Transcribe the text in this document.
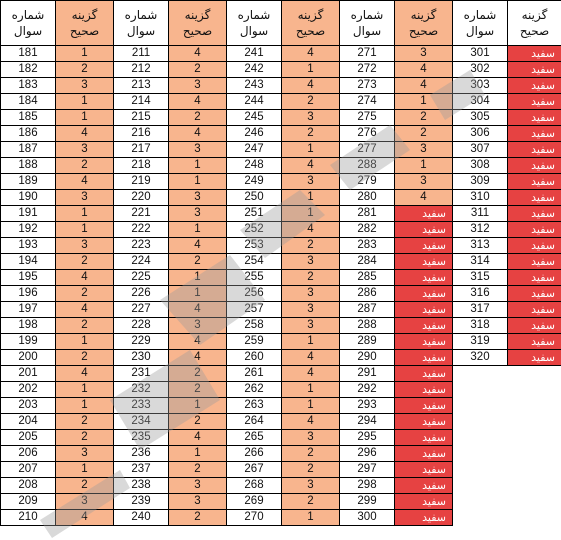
شماره سوال	گزینه صحیح	شماره سوال	گزینه صحیح	شماره سوال	گزینه صحیح	شماره سوال	گزینه صحیح	شماره سوال	گزینه صحیح
181	1	211	4	241	4	271	3	301	سفید
182	2	212	2	242	1	272	4	302	سفید
183	3	213	3	243	4	273	4	303	سفید
184	1	214	4	244	2	274	1	304	سفید
185	1	215	2	245	3	275	2	305	سفید
186	4	216	4	246	2	276	2	306	سفید
187	3	217	3	247	1	277	3	307	سفید
188	2	218	1	248	4	288	1	308	سفید
189	4	219	1	249	3	279	3	309	سفید
190	3	220	3	250	1	280	4	310	سفید
191	1	221	3	251	1	281	سفید	311	سفید
192	1	222	1	252	4	282	سفید	312	سفید
193	3	223	4	253	2	283	سفید	313	سفید
194	2	224	2	254	3	284	سفید	314	سفید
195	4	225	1	255	2	285	سفید	315	سفید
196	2	226	1	256	3	286	سفید	316	سفید
197	4	227	4	257	3	287	سفید	317	سفید
198	2	228	3	258	3	288	سفید	318	سفید
199	1	229	4	259	1	289	سفید	319	سفید
200	2	230	4	260	4	290	سفید	320	سفید
201	4	231	2	261	4	291	سفید		
202	1	232	2	262	1	292	سفید		
203	1	233	1	263	1	293	سفید		
204	2	234	2	264	4	294	سفید		
205	2	235	4	265	3	295	سفید		
206	3	236	1	266	2	296	سفید		
207	1	237	2	267	2	297	سفید		
208	2	238	3	268	3	298	سفید		
209	3	239	3	269	2	299	سفید		
210	4	240	2	270	1	300	سفید		
